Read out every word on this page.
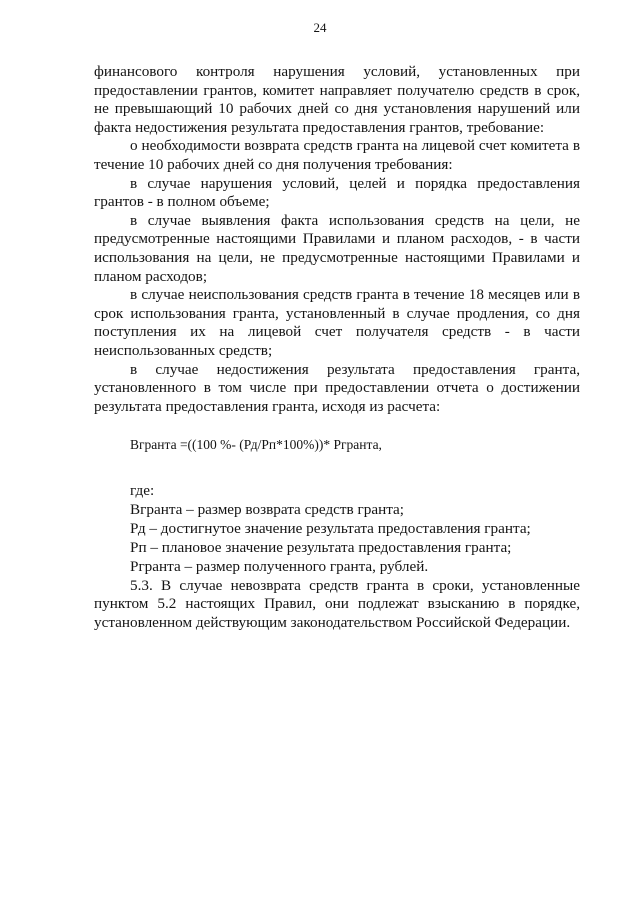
24

финансового контроля нарушения условий, установленных при предоставлении грантов, комитет направляет получателю средств в срок, не превышающий 10 рабочих дней со дня установления нарушений или факта недостижения результата предоставления грантов, требование:

о необходимости возврата средств гранта на лицевой счет комитета в течение 10 рабочих дней со дня получения требования:

в случае нарушения условий, целей и порядка предоставления грантов - в полном объеме;

в случае выявления факта использования средств на цели, не предусмотренные настоящими Правилами и планом расходов, - в части использования на цели, не предусмотренные настоящими Правилами и планом расходов;

в случае неиспользования средств гранта в течение 18 месяцев или в срок использования гранта, установленный в случае продления, со дня поступления их на лицевой счет получателя средств - в части неиспользованных средств;

в случае недостижения результата предоставления гранта, установленного в том числе при предоставлении отчета о достижении результата предоставления гранта, исходя из расчета:

Вгранта =((100 %- (Рд/Рп*100%))* Ргранта,

где:

Вгранта – размер возврата средств гранта;

Рд – достигнутое значение результата предоставления гранта;

Рп – плановое значение результата предоставления гранта;

Ргранта – размер полученного гранта, рублей.

5.3. В случае невозврата средств гранта в сроки, установленные пунктом 5.2 настоящих Правил, они подлежат взысканию в порядке, установленном действующим законодательством Российской Федерации.
